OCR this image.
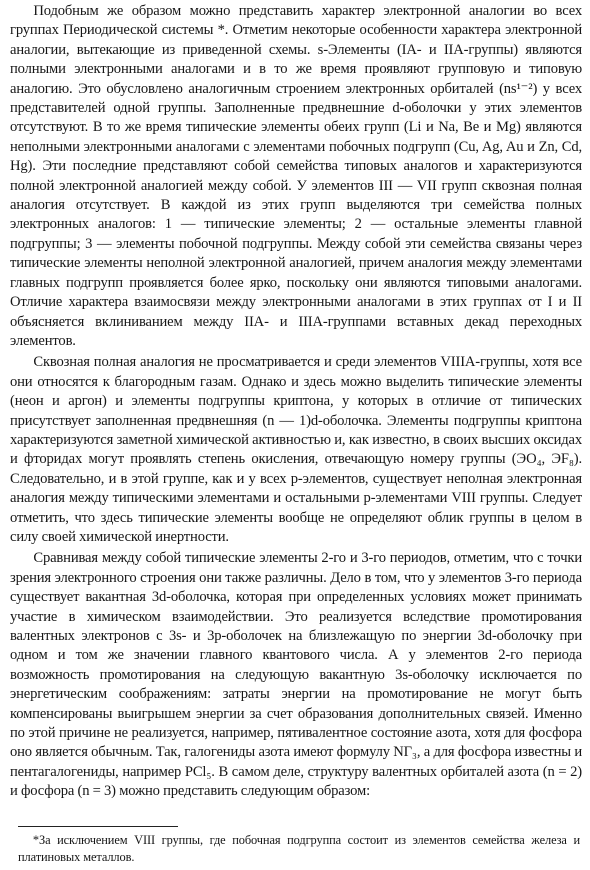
Подобным же образом можно представить характер электронной аналогии во всех группах Периодической системы *. Отметим некоторые особенности характера электронной аналогии, вытекающие из приведенной схемы. s-Элементы (IA- и IIA-группы) являются полными электронными аналогами и в то же время проявляют групповую и типовую аналогию. Это обусловлено аналогичным строением электронных орбиталей (ns¹⁻²) у всех представителей одной группы. Заполненные предвнешние d-оболочки у этих элементов отсутствуют. В то же время типические элементы обеих групп (Li и Na, Be и Mg) являются неполными электронными аналогами с элементами побочных подгрупп (Cu, Ag, Au и Zn, Cd, Hg). Эти последние представляют собой семейства типовых аналогов и характеризуются полной электронной аналогией между собой. У элементов III — VII групп сквозная полная аналогия отсутствует. В каждой из этих групп выделяются три семейства полных электронных аналогов: 1 — типические элементы; 2 — остальные элементы главной подгруппы; 3 — элементы побочной подгруппы. Между собой эти семейства связаны через типические элементы неполной электронной аналогией, причем аналогия между элементами главных подгрупп проявляется более ярко, поскольку они являются типовыми аналогами. Отличие характера взаимосвязи между электронными аналогами в этих группах от I и II объясняется вклиниванием между IIA- и IIIA-группами вставных декад переходных элементов.

Сквозная полная аналогия не просматривается и среди элементов VIIIA-группы, хотя все они относятся к благородным газам. Однако и здесь можно выделить типические элементы (неон и аргон) и элементы подгруппы криптона, у которых в отличие от типических присутствует заполненная предвнешняя (n — 1)d-оболочка. Элементы подгруппы криптона характеризуются заметной химической активностью и, как известно, в своих высших оксидах и фторидах могут проявлять степень окисления, отвечающую номеру группы (ЭО₄, ЭF₈). Следовательно, и в этой группе, как и у всех p-элементов, существует неполная электронная аналогия между типическими элементами и остальными p-элементами VIII группы. Следует отметить, что здесь типические элементы вообще не определяют облик группы в целом в силу своей химической инертности.

Сравнивая между собой типические элементы 2-го и 3-го периодов, отметим, что с точки зрения электронного строения они также различны. Дело в том, что у элементов 3-го периода существует вакантная 3d-оболочка, которая при определенных условиях может принимать участие в химическом взаимодействии. Это реализуется вследствие промотирования валентных электронов с 3s- и 3p-оболочек на близлежащую по энергии 3d-оболочку при одном и том же значении главного квантового числа. А у элементов 2-го периода возможность промотирования на следующую вакантную 3s-оболочку исключается по энергетическим соображениям: затраты энергии на промотирование не могут быть компенсированы выигрышем энергии за счет образования дополнительных связей. Именно по этой причине не реализуется, например, пятивалентное состояние азота, хотя для фосфора оно является обычным. Так, галогениды азота имеют формулу NГ₃, а для фосфора известны и пентагалогениды, например PCl₅. В самом деле, структуру валентных орбиталей азота (n = 2) и фосфора (n = 3) можно представить следующим образом:

*За исключением VIII группы, где побочная подгруппа состоит из элементов семейства железа и платиновых металлов.
